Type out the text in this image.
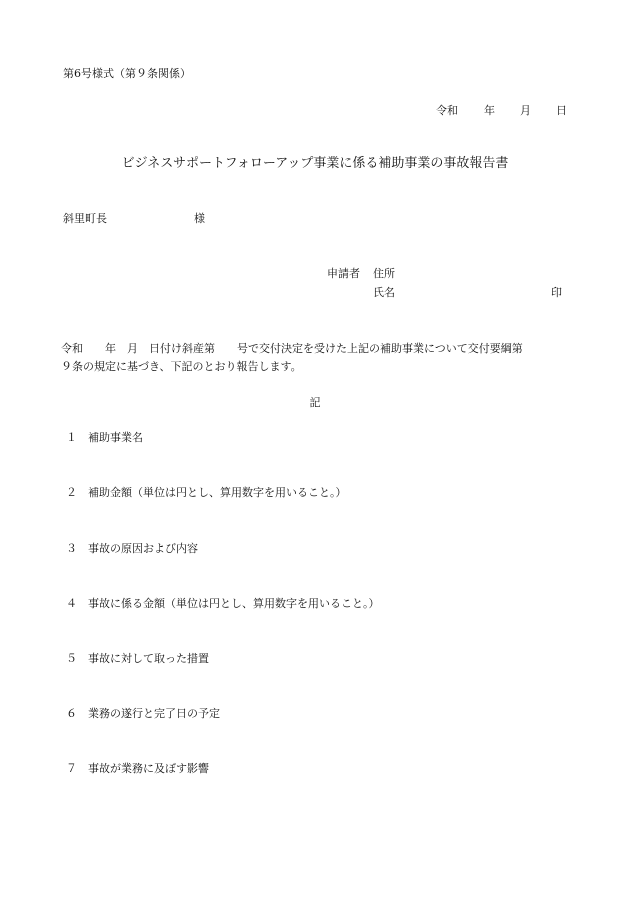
第6号様式（第９条関係）
令和 年 月 日
ビジネスサポートフォローアップ事業に係る補助事業の事故報告書
斜里町長	様
申請者 住所
氏名	印
令和　　年　月　日付け斜産第　　号で交付決定を受けた上記の補助事業について交付要綱第
９条の規定に基づき、下記のとおり報告します。
記
１ 補助事業名
２ 補助金額（単位は円とし、算用数字を用いること。）
３ 事故の原因および内容
４ 事故に係る金額（単位は円とし、算用数字を用いること。）
５ 事故に対して取った措置
６ 業務の遂行と完了日の予定
７ 事故が業務に及ぼす影響
